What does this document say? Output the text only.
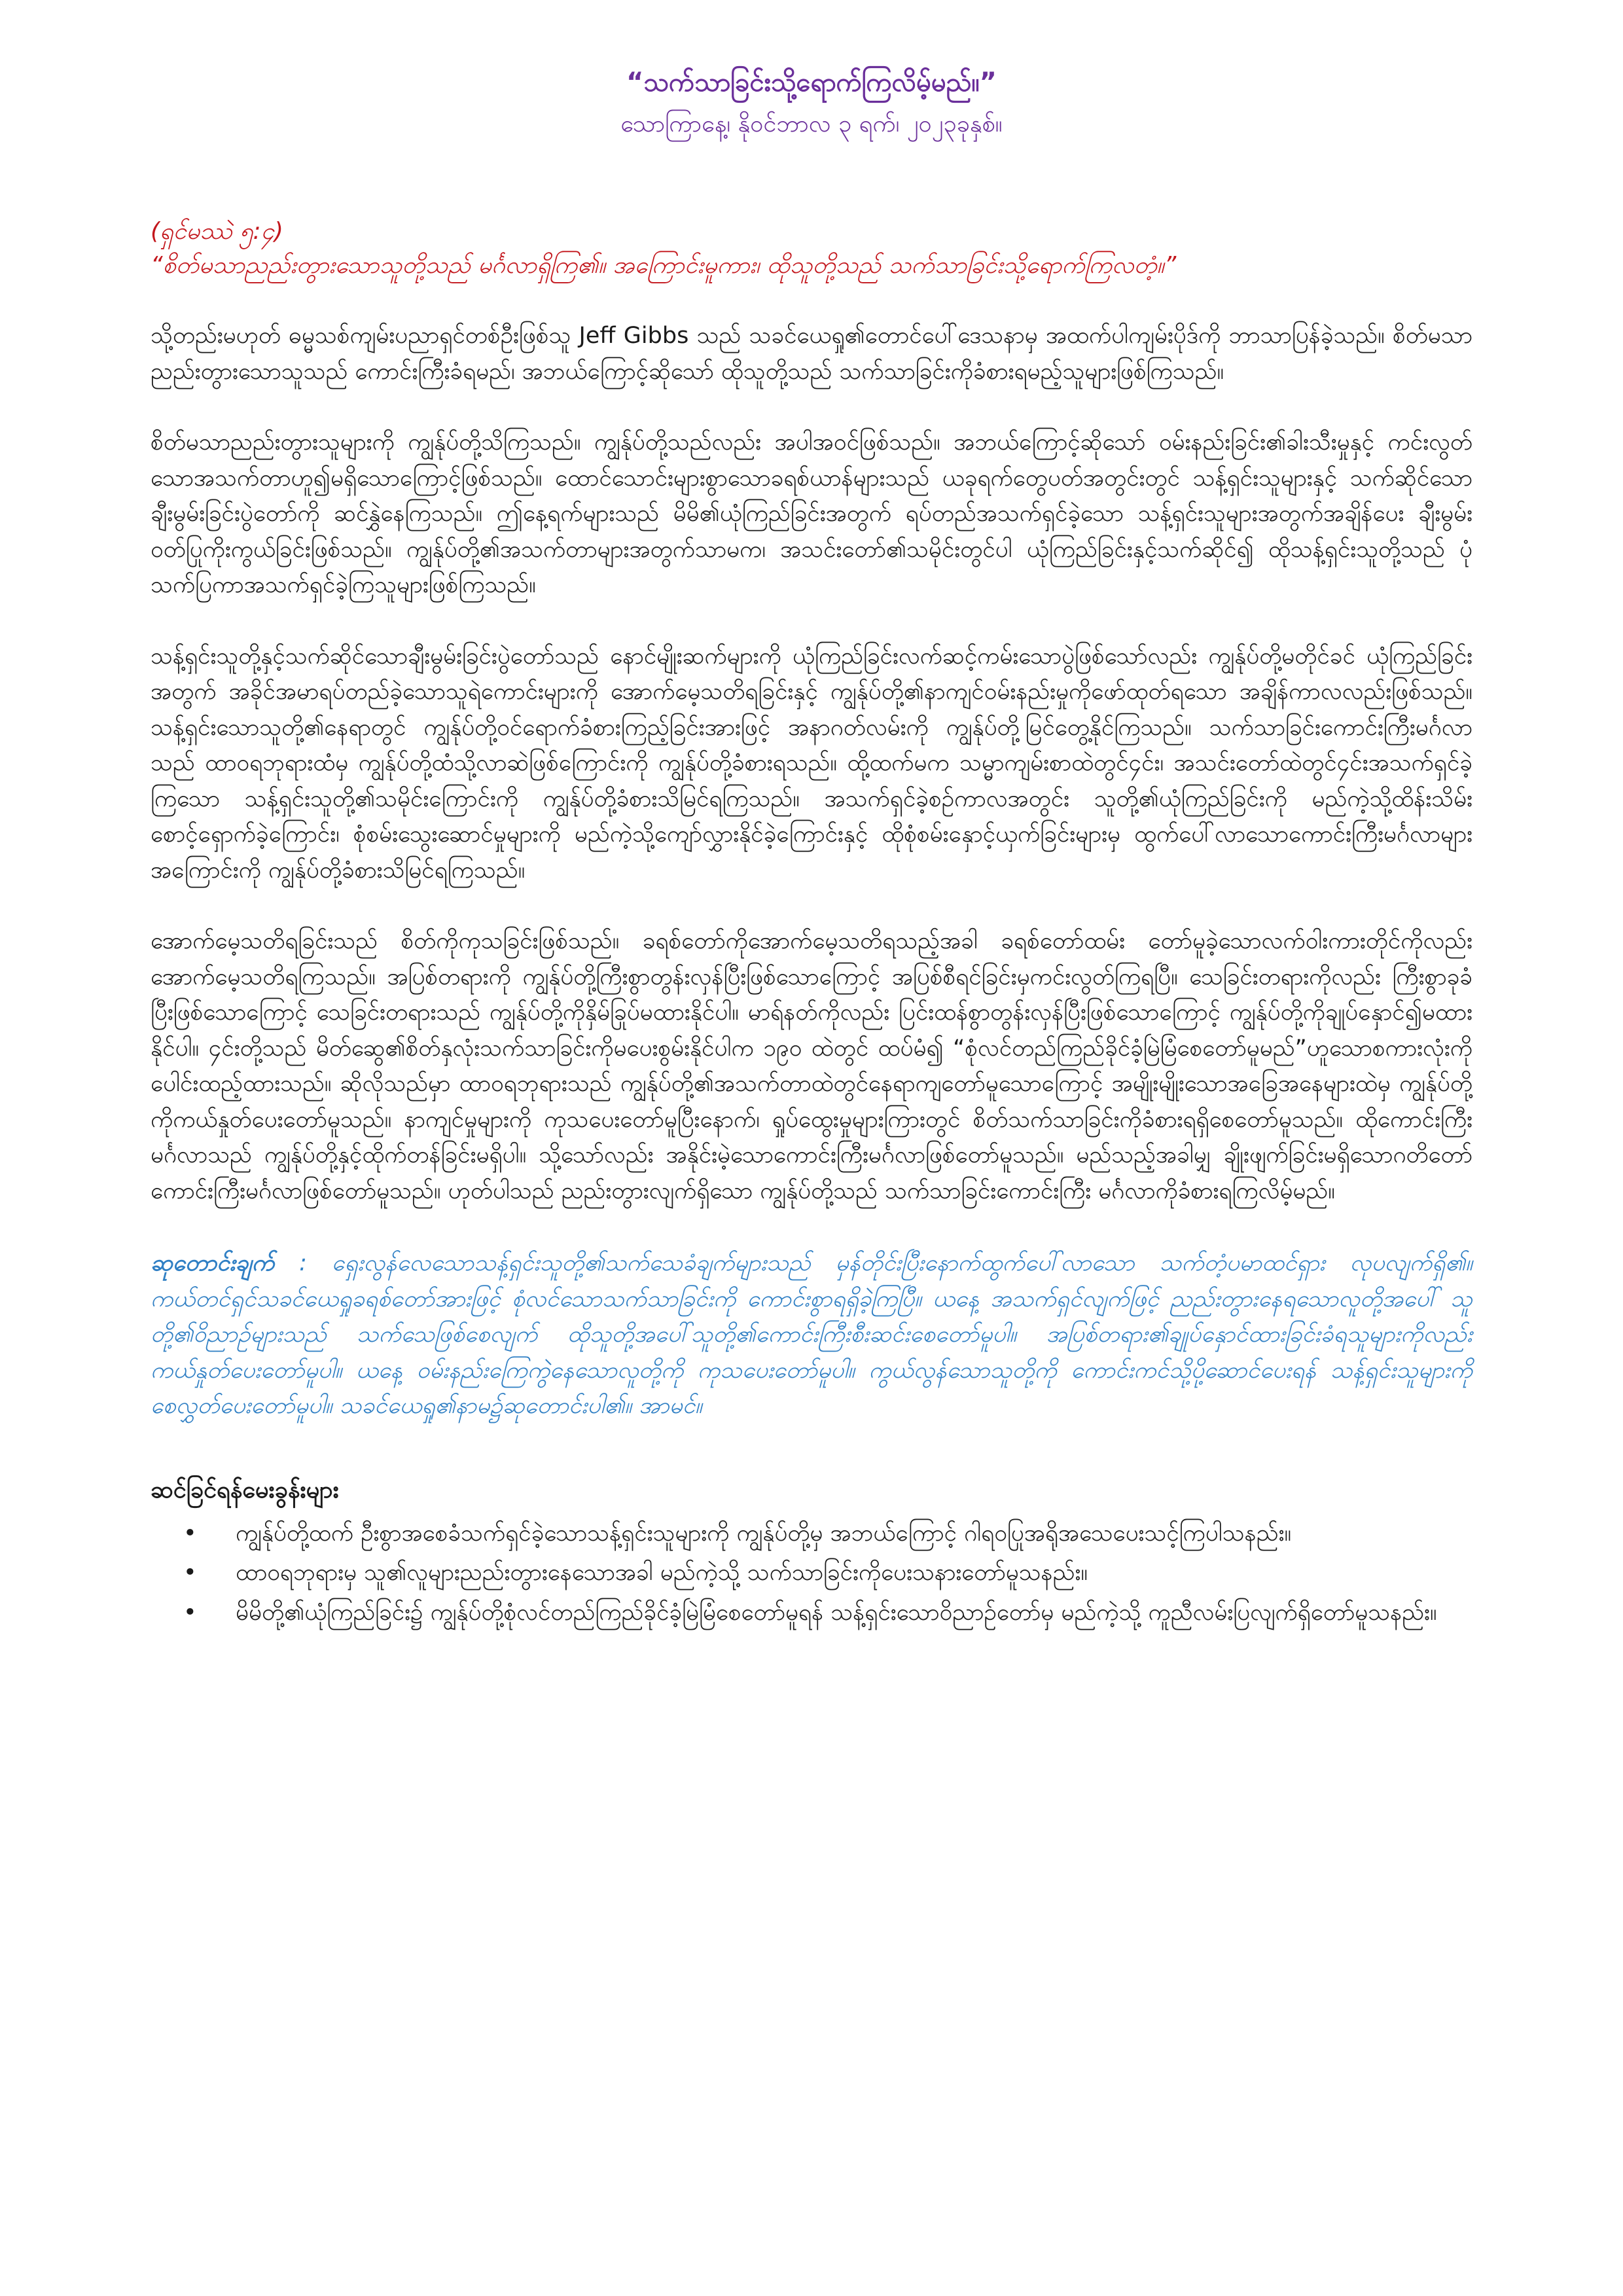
“သက်သာခြင်းသို့ရောက်ကြလိမ့်မည်။”

သောကြာနေ့၊ နိုဝင်ဘာလ ၃ ရက်၊ ၂၀၂၃ခုနှစ်။

(ရှင်မဿဲ ၅:၄)
“စိတ်မသာညည်းတွားသောသူတို့သည် မင်္ဂလာရှိကြ၏။ အကြောင်းမူကား၊ ထိုသူတို့သည် သက်သာခြင်းသို့ရောက်ကြလတံ့။”

သို့တည်းမဟုတ် ဓမ္မသစ်ကျမ်းပညာရှင်တစ်ဦးဖြစ်သူ Jeff Gibbs သည် သခင်ယေရှု၏တောင်ပေါ်ဒေသနာမှ အထက်ပါကျမ်းပိုဒ်ကို ဘာသာပြန်ခဲ့သည်။ စိတ်မသာညည်းတွားသောသူသည် ကောင်းကြီးခံရမည်၊ အဘယ်ကြောင့်ဆိုသော် ထိုသူတို့သည် သက်သာခြင်းကိုခံစားရမည့်သူများဖြစ်ကြသည်။

စိတ်မသာညည်းတွားသူများကို ကျွန်ုပ်တို့သိကြသည်။ ကျွန်ုပ်တို့သည်လည်း အပါအဝင်ဖြစ်သည်။ အဘယ်ကြောင့်ဆိုသော် ဝမ်းနည်းခြင်း၏ခါးသီးမှုနှင့် ကင်းလွတ်သောအသက်တာဟူ၍မရှိသောကြောင့်ဖြစ်သည်။ ထောင်သောင်းများစွာသောခရစ်ယာန်များသည် ယခုရက်တွေပတ်အတွင်းတွင် သန့်ရှင်းသူများနှင့် သက်ဆိုင်သောချီးမွမ်းခြင်းပွဲတော်ကို ဆင်နွှဲနေကြသည်။ ဤနေ့ရက်များသည် မိမိ၏ယုံကြည်ခြင်းအတွက် ရပ်တည်အသက်ရှင်ခဲ့သော သန့်ရှင်းသူများအတွက်အချိန်ပေး ချီးမွမ်းဝတ်ပြုကိုးကွယ်ခြင်းဖြစ်သည်။ ကျွန်ုပ်တို့၏အသက်တာများအတွက်သာမက၊ အသင်းတော်၏သမိုင်းတွင်ပါ ယုံကြည်ခြင်းနှင့်သက်ဆိုင်၍ ထိုသန့်ရှင်းသူတို့သည် ပုံသက်ပြကာအသက်ရှင်ခဲ့ကြသူများဖြစ်ကြသည်။

သန့်ရှင်းသူတို့နှင့်သက်ဆိုင်သောချီးမွမ်းခြင်းပွဲတော်သည် နောင်မျိုးဆက်များကို ယုံကြည်ခြင်းလက်ဆင့်ကမ်းသောပွဲဖြစ်သော်လည်း ကျွန်ုပ်တို့မတိုင်ခင် ယုံကြည်ခြင်းအတွက် အခိုင်အမာရပ်တည်ခဲ့သောသူရဲကောင်းများကို အောက်မေ့သတိရခြင်းနှင့် ကျွန်ုပ်တို့၏နာကျင်ဝမ်းနည်းမှုကိုဖော်ထုတ်ရသော အချိန်ကာလလည်းဖြစ်သည်။ သန့်ရှင်းသောသူတို့၏နေရာတွင် ကျွန်ုပ်တို့ဝင်ရောက်ခံစားကြည့်ခြင်းအားဖြင့် အနာဂတ်လမ်းကို ကျွန်ုပ်တို့မြင်တွေ့နိုင်ကြသည်။ သက်သာခြင်းကောင်းကြီးမင်္ဂလာသည် ထာဝရဘုရားထံမှ ကျွန်ုပ်တို့ထံသို့လာဆဲဖြစ်ကြောင်းကို ကျွန်ုပ်တို့ခံစားရသည်။ ထို့ထက်မက သမ္မာကျမ်းစာထဲတွင်၄င်း၊ အသင်းတော်ထဲတွင်၄င်းအသက်ရှင်ခဲ့ကြသော သန့်ရှင်းသူတို့၏သမိုင်းကြောင်းကို ကျွန်ုပ်တို့ခံစားသိမြင်ရကြသည်။ အသက်ရှင်ခဲ့စဉ်ကာလအတွင်း သူတို့၏ယုံကြည်ခြင်းကို မည်ကဲ့သို့ထိန်းသိမ်းစောင့်ရှောက်ခဲ့ကြောင်း၊ စုံစမ်းသွေးဆောင်မှုများကို မည်ကဲ့သို့ကျော်လွှားနိုင်ခဲ့ကြောင်းနှင့် ထိုစုံစမ်းနှောင့်ယှက်ခြင်းများမှ ထွက်ပေါ်လာသောကောင်းကြီးမင်္ဂလာများအကြောင်းကို ကျွန်ုပ်တို့ခံစားသိမြင်ရကြသည်။

အောက်မေ့သတိရခြင်းသည် စိတ်ကိုကုသခြင်းဖြစ်သည်။ ခရစ်တော်ကိုအောက်မေ့သတိရသည့်အခါ ခရစ်တော်ထမ်း တော်မူခဲ့သောလက်ဝါးကားတိုင်ကိုလည်း အောက်မေ့သတိရကြသည်။ အပြစ်တရားကို ကျွန်ုပ်တို့ကြီးစွာတွန်းလှန်ပြီးဖြစ်သောကြောင့် အပြစ်စီရင်ခြင်းမှကင်းလွတ်ကြရပြီ။ သေခြင်းတရားကိုလည်း ကြီးစွာခုခံပြီးဖြစ်သောကြောင့် သေခြင်းတရားသည် ကျွန်ုပ်တို့ကိုနှိမ်ခြုပ်မထားနိုင်ပါ။ မာရ်နတ်ကိုလည်း ပြင်းထန်စွာတွန်းလှန်ပြီးဖြစ်သောကြောင့် ကျွန်ုပ်တို့ကိုချုပ်နှောင်၍မထားနိုင်ပါ။ ၄င်းတို့သည် မိတ်ဆွေ၏စိတ်နှလုံးသက်သာခြင်းကိုမပေးစွမ်းနိုင်ပါက ၁၉၀ ထဲတွင် ထပ်မံ၍ “စုံလင်တည်ကြည်ခိုင်ခံ့မြဲမြံစေတော်မူမည်”ဟူသောစကားလုံးကို ပေါင်းထည့်ထားသည်။ ဆိုလိုသည်မှာ ထာဝရဘုရားသည် ကျွန်ုပ်တို့၏အသက်တာထဲတွင်နေရာကျတော်မူသောကြောင့် အမျိုးမျိုးသောအခြေအနေများထဲမှ ကျွန်ုပ်တို့ကိုကယ်နှုတ်ပေးတော်မူသည်။ နာကျင်မှုများကို ကုသပေးတော်မူပြီးနောက်၊ ရှုပ်ထွေးမှုများကြားတွင် စိတ်သက်သာခြင်းကိုခံစားရရှိစေတော်မူသည်။ ထိုကောင်းကြီးမင်္ဂလာသည် ကျွန်ုပ်တို့နှင့်ထိုက်တန်ခြင်းမရှိပါ။ သို့သော်လည်း အနိုင်းမဲ့သောကောင်းကြီးမင်္ဂလာဖြစ်တော်မူသည်။ မည်သည့်အခါမျှ ချိုးဖျက်ခြင်းမရှိသောဂတိတော် ကောင်းကြီးမင်္ဂလာဖြစ်တော်မူသည်။ ဟုတ်ပါသည် ညည်းတွားလျက်ရှိသော ကျွန်ုပ်တို့သည် သက်သာခြင်းကောင်းကြီး မင်္ဂလာကိုခံစားရကြလိမ့်မည်။

ဆုတောင်းချက် : ရှေးလွန်လေသောသန့်ရှင်းသူတို့၏သက်သေခံချက်များသည် မှန်တိုင်းပြီးနောက်ထွက်ပေါ်လာသော သက်တံ့ပမာထင်ရှား လုပလျက်ရှိ၏။ ကယ်တင်ရှင်သခင်ယေရှုခရစ်တော်အားဖြင့် စုံလင်သောသက်သာခြင်းကို ကောင်းစွာရရှိခဲ့ကြပြီ။ ယနေ့ အသက်ရှင်လျက်ဖြင့် ညည်းတွားနေရသောလူတို့အပေါ် သူတို့၏ဝိညာဉ်များသည် သက်သေဖြစ်စေလျက် ထိုသူတို့အပေါ်သူတို့၏ကောင်းကြီးစီးဆင်းစေတော်မူပါ။ အပြစ်တရား၏ချုပ်နှောင်ထားခြင်းခံရသူများကိုလည်း ကယ်နှုတ်ပေးတော်မူပါ။ ယနေ့ ဝမ်းနည်းကြေကွဲနေသောလူတို့ကို ကုသပေးတော်မူပါ။ ကွယ်လွန်သောသူတို့ကို ကောင်းကင်သို့ပို့ဆောင်ပေးရန် သန့်ရှင်းသူများကိုစေလွှတ်ပေးတော်မူပါ။ သခင်ယေရှု၏နာမ၌ဆုတောင်းပါ၏။ အာမင်။

ဆင်ခြင်ရန်မေးခွန်းများ

• ကျွန်ုပ်တို့ထက် ဦးစွာအစေခံသက်ရှင်ခဲ့သောသန့်ရှင်းသူများကို ကျွန်ုပ်တို့မှ အဘယ်ကြောင့် ဂါရဝပြုအရိုအသေပေးသင့်ကြပါသနည်း။
• ထာဝရဘုရားမှ သူ၏လူများညည်းတွားနေသောအခါ မည်ကဲ့သို့ သက်သာခြင်းကိုပေးသနားတော်မူသနည်း။
• မိမိတို့၏ယုံကြည်ခြင်း၌ ကျွန်ုပ်တို့စုံလင်တည်ကြည်ခိုင်ခံ့မြဲမြံစေတော်မူရန် သန့်ရှင်းသောဝိညာဉ်တော်မှ မည်ကဲ့သို့ ကူညီလမ်းပြလျက်ရှိတော်မူသနည်း။
